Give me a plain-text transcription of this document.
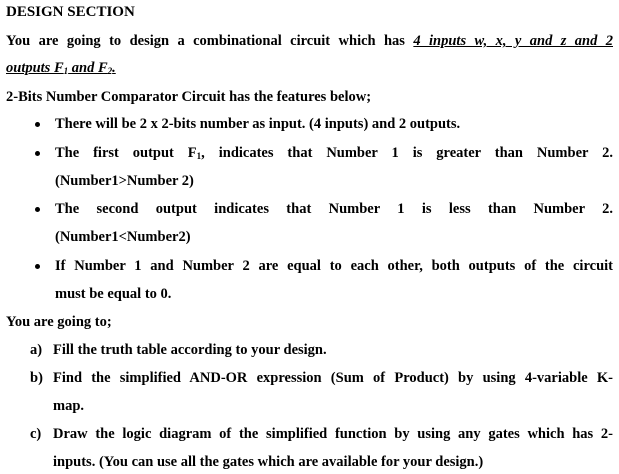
DESIGN SECTION
You are going to design a combinational circuit which has 4 inputs w, x, y and z and 2
outputs $F_1$ and $F_2$.
2-Bits Number Comparator Circuit has the features below;
There will be 2 x 2-bits number as input. (4 inputs) and 2 outputs.
The first output $F_1$, indicates that Number 1 is greater than Number 2.
(Number1>Number 2)
The second output indicates that Number 1 is less than Number 2.
(Number1<Number2)
If Number 1 and Number 2 are equal to each other, both outputs of the circuit
must be equal to 0.
You are going to;
a) Fill the truth table according to your design.
b) Find the simplified AND-OR expression (Sum of Product) by using 4-variable K-
map.
c) Draw the logic diagram of the simplified function by using any gates which has 2-
inputs. (You can use all the gates which are available for your design.)
